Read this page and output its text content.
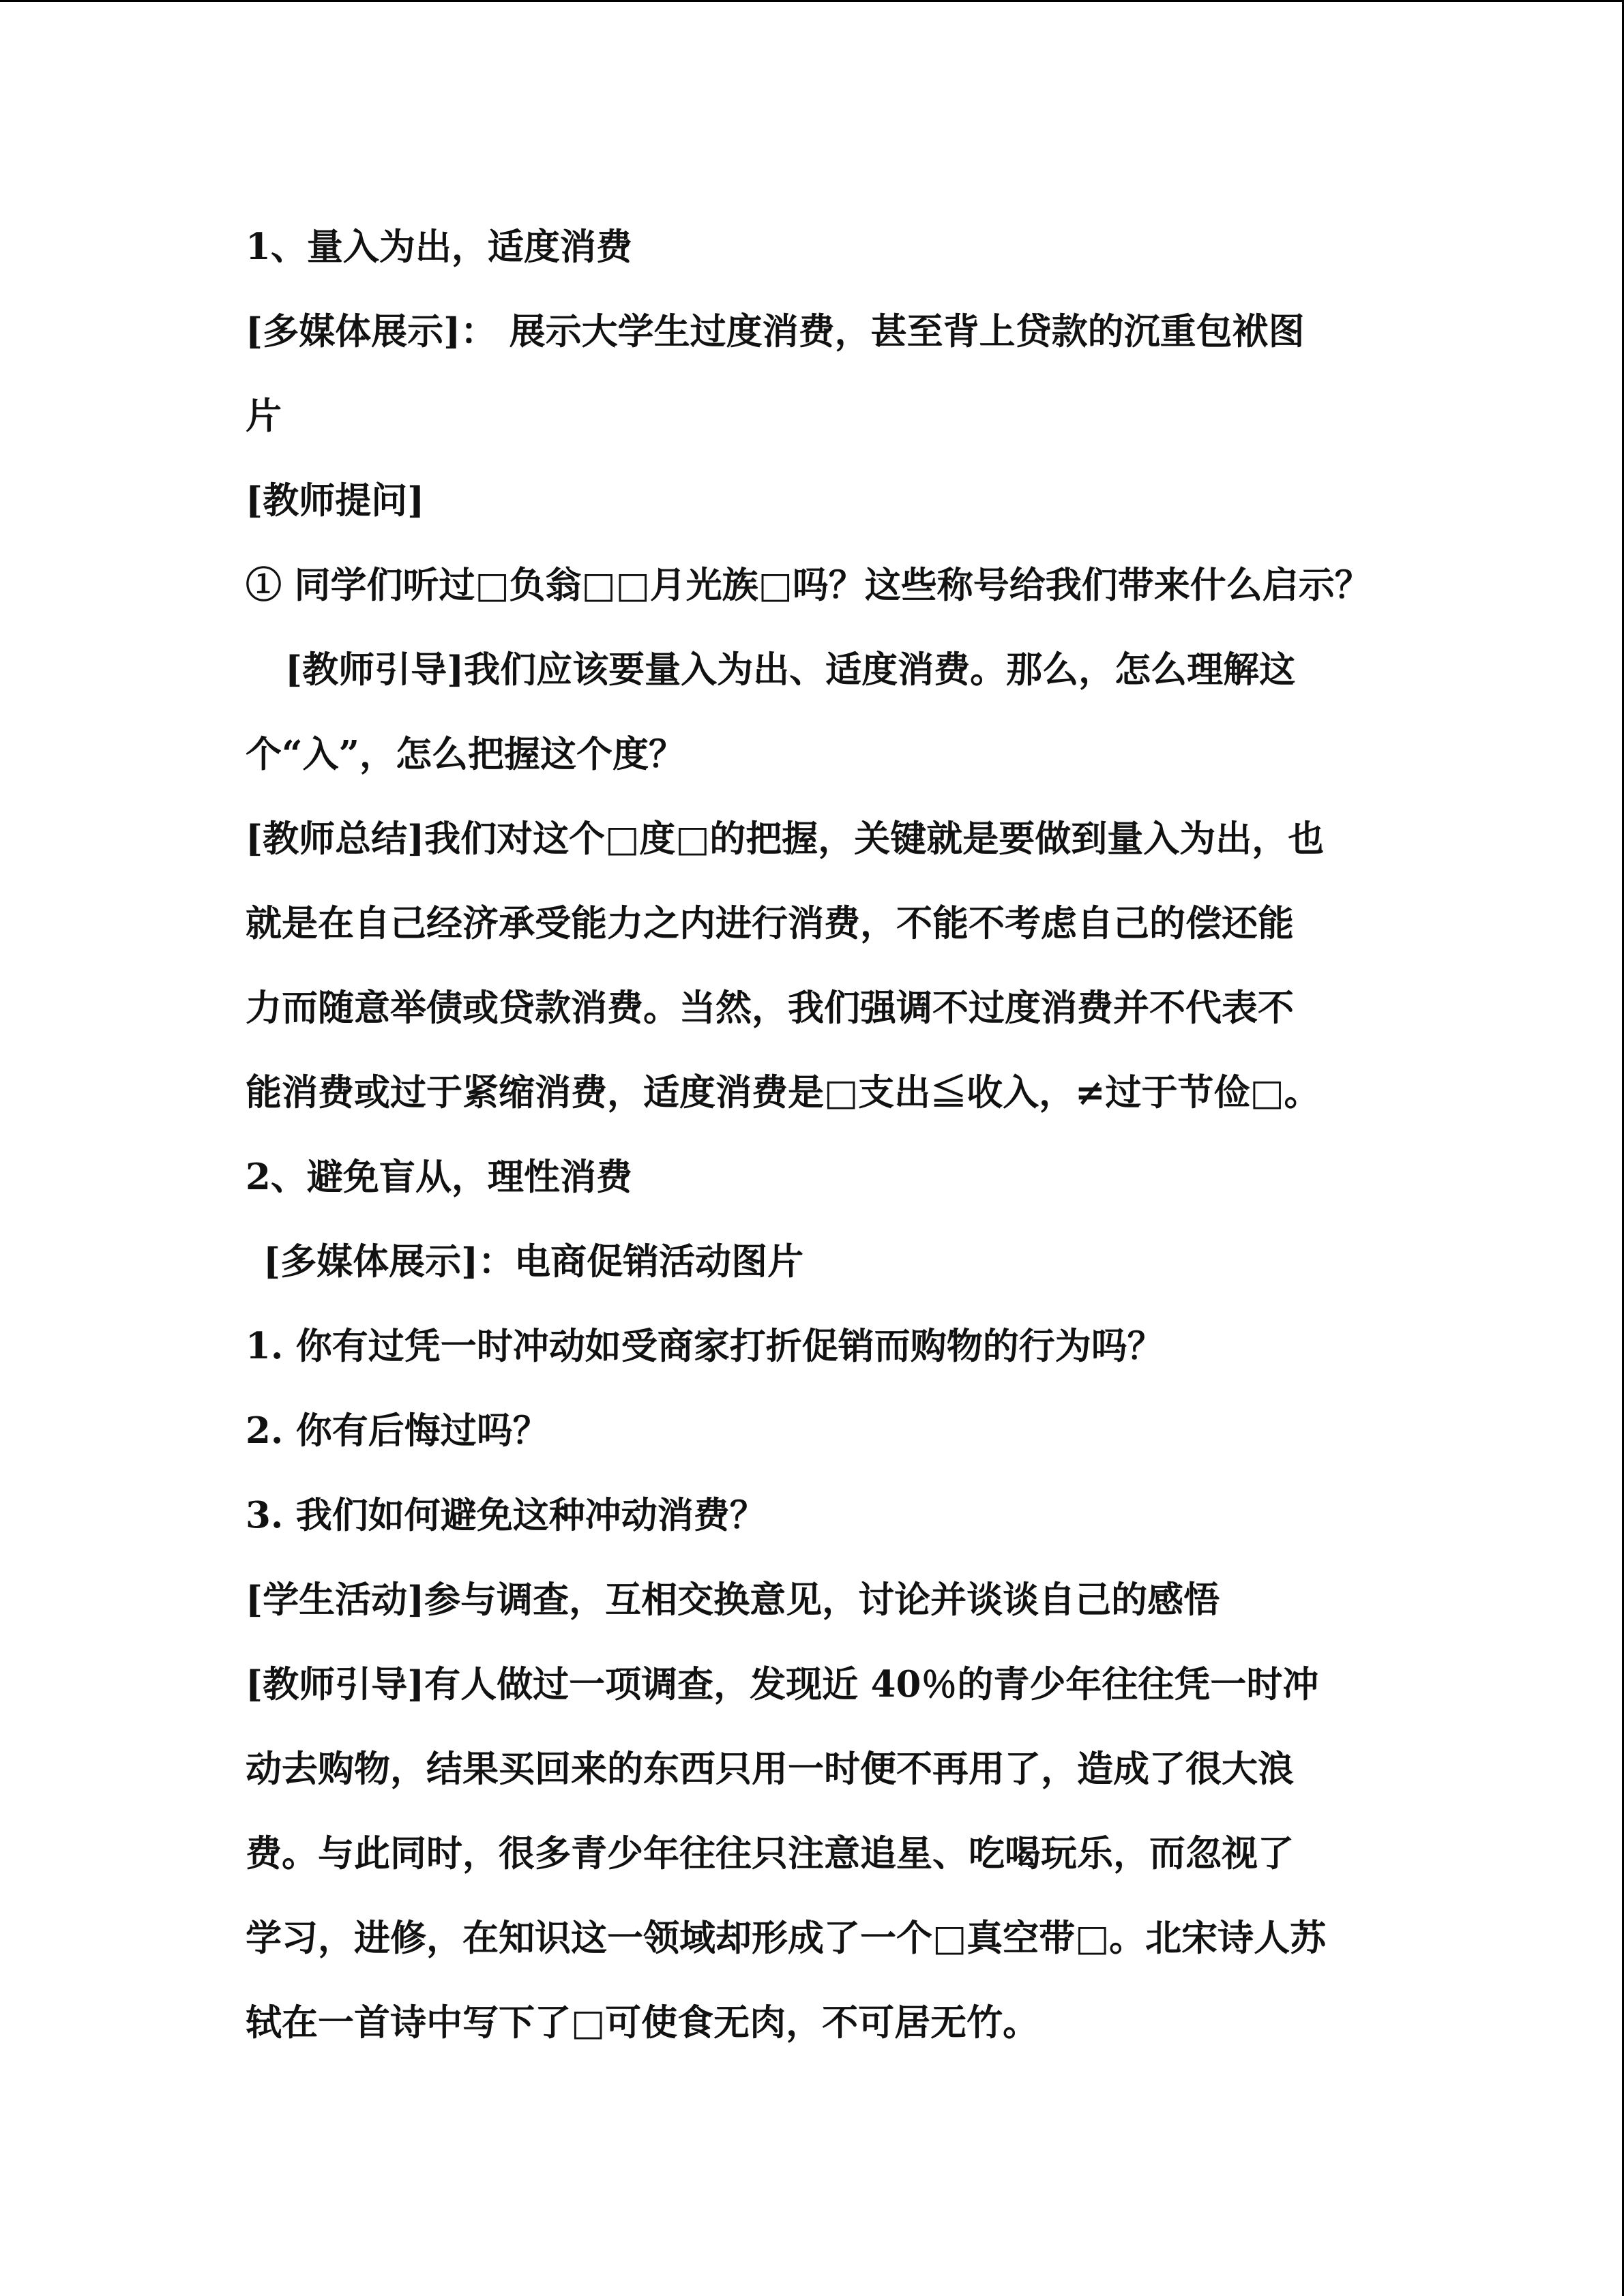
1、量入为出，适度消费
[多媒体展示]： 展示大学生过度消费，甚至背上贷款的沉重包袱图
片
[教师提问]
① 同学们听过□负翁□□月光族□吗？这些称号给我们带来什么启示？
[教师引导]我们应该要量入为出、适度消费。那么，怎么理解这
个“入”，怎么把握这个度？
[教师总结]我们对这个□度□的把握，关键就是要做到量入为出，也
就是在自己经济承受能力之内进行消费，不能不考虑自己的偿还能
力而随意举债或贷款消费。当然，我们强调不过度消费并不代表不
能消费或过于紧缩消费，适度消费是□支出≦收入，≠过于节俭□。
2、避免盲从，理性消费
[多媒体展示]：电商促销活动图片
1. 你有过凭一时冲动如受商家打折促销而购物的行为吗？
2. 你有后悔过吗？
3. 我们如何避免这种冲动消费？
[学生活动]参与调查，互相交换意见，讨论并谈谈自己的感悟
[教师引导]有人做过一项调查，发现近 40％的青少年往往凭一时冲
动去购物，结果买回来的东西只用一时便不再用了，造成了很大浪
费。与此同时，很多青少年往往只注意追星、吃喝玩乐，而忽视了
学习，进修，在知识这一领域却形成了一个□真空带□。北宋诗人苏
轼在一首诗中写下了□可使食无肉，不可居无竹。
